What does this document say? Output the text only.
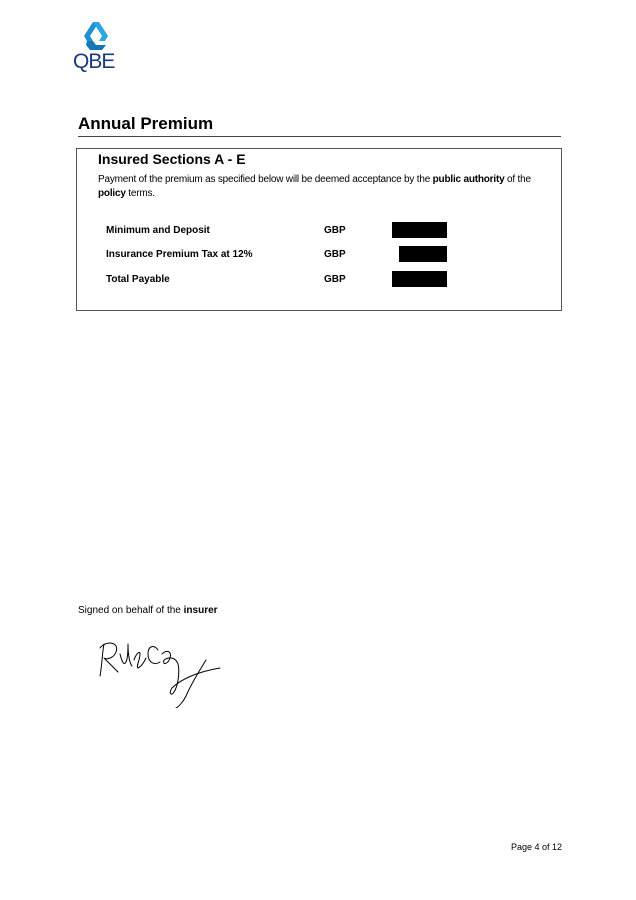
QBE
Annual Premium
Insured Sections A - E
Payment of the premium as specified below will be deemed acceptance by the public authority of the policy terms.
Minimum and Deposit	GBP
Insurance Premium Tax at 12%	GBP
Total Payable	GBP
Signed on behalf of the insurer
Page 4 of 12
